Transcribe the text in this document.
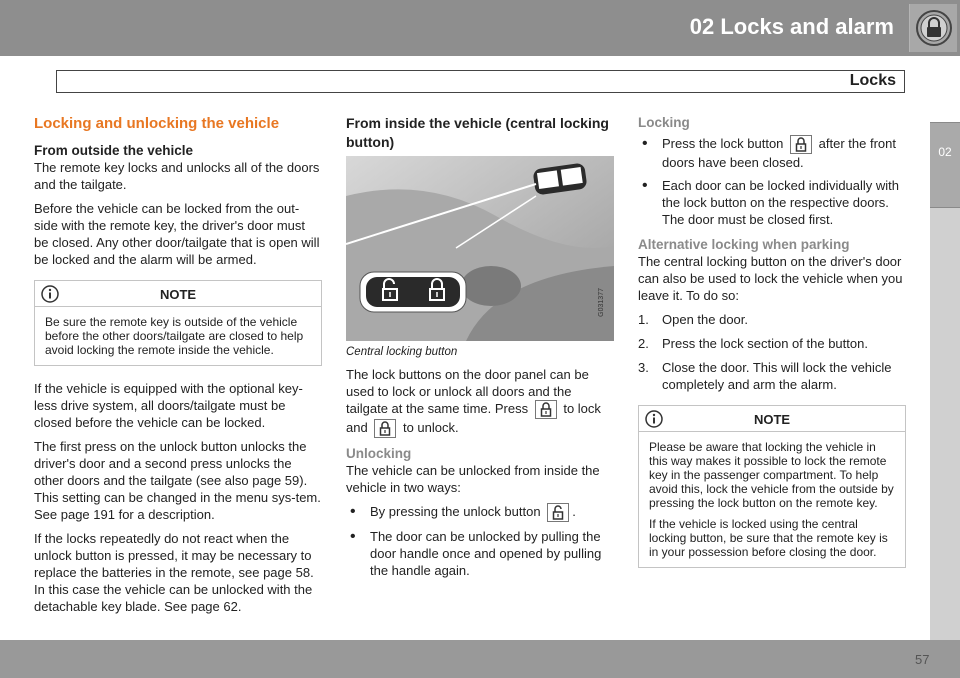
02 Locks and alarm
Locks
02
Locking and unlocking the vehicle
From outside the vehicle

The remote key locks and unlocks all of the doors and the tailgate.

Before the vehicle can be locked from the out-side with the remote key, the driver's door must be closed. Any other door/tailgate that is open will be locked and the alarm will be armed.

NOTE

Be sure the remote key is outside of the vehicle before the other doors/tailgate are closed to help avoid locking the remote inside the vehicle.

If the vehicle is equipped with the optional key-less drive system, all doors/tailgate must be closed before the vehicle can be locked.

The first press on the unlock button unlocks the driver's door and a second press unlocks the other doors and the tailgate (see also page 59). This setting can be changed in the menu sys-tem. See page 191 for a description.

If the locks repeatedly do not react when the unlock button is pressed, it may be necessary to replace the batteries in the remote, see page 58. In this case the vehicle can be unlocked with the detachable key blade. See page 62.

From inside the vehicle (central locking button)
G031377
Central locking button

The lock buttons on the door panel can be used to lock or unlock all doors and the tailgate at the same time. Press	to lock and	to unlock.

Unlocking

The vehicle can be unlocked from inside the vehicle in two ways:

• By pressing the unlock button .
• The door can be unlocked by pulling the door handle once and opened by pulling the handle again.
Locking
• Press the lock button	after the front doors have been closed.
• Each door can be locked individually with the lock button on the respective doors. The door must be closed first.
Alternative locking when parking

The central locking button on the driver's door can also be used to lock the vehicle when you leave it. To do so:

1. Open the door.
2. Press the lock section of the button.
3. Close the door. This will lock the vehicle completely and arm the alarm.
NOTE

Please be aware that locking the vehicle in this way makes it possible to lock the remote key in the passenger compartment. To help avoid this, lock the vehicle from the outside by pressing the lock button on the remote key.

If the vehicle is locked using the central locking button, be sure that the remote key is in your possession before closing the door.

57
